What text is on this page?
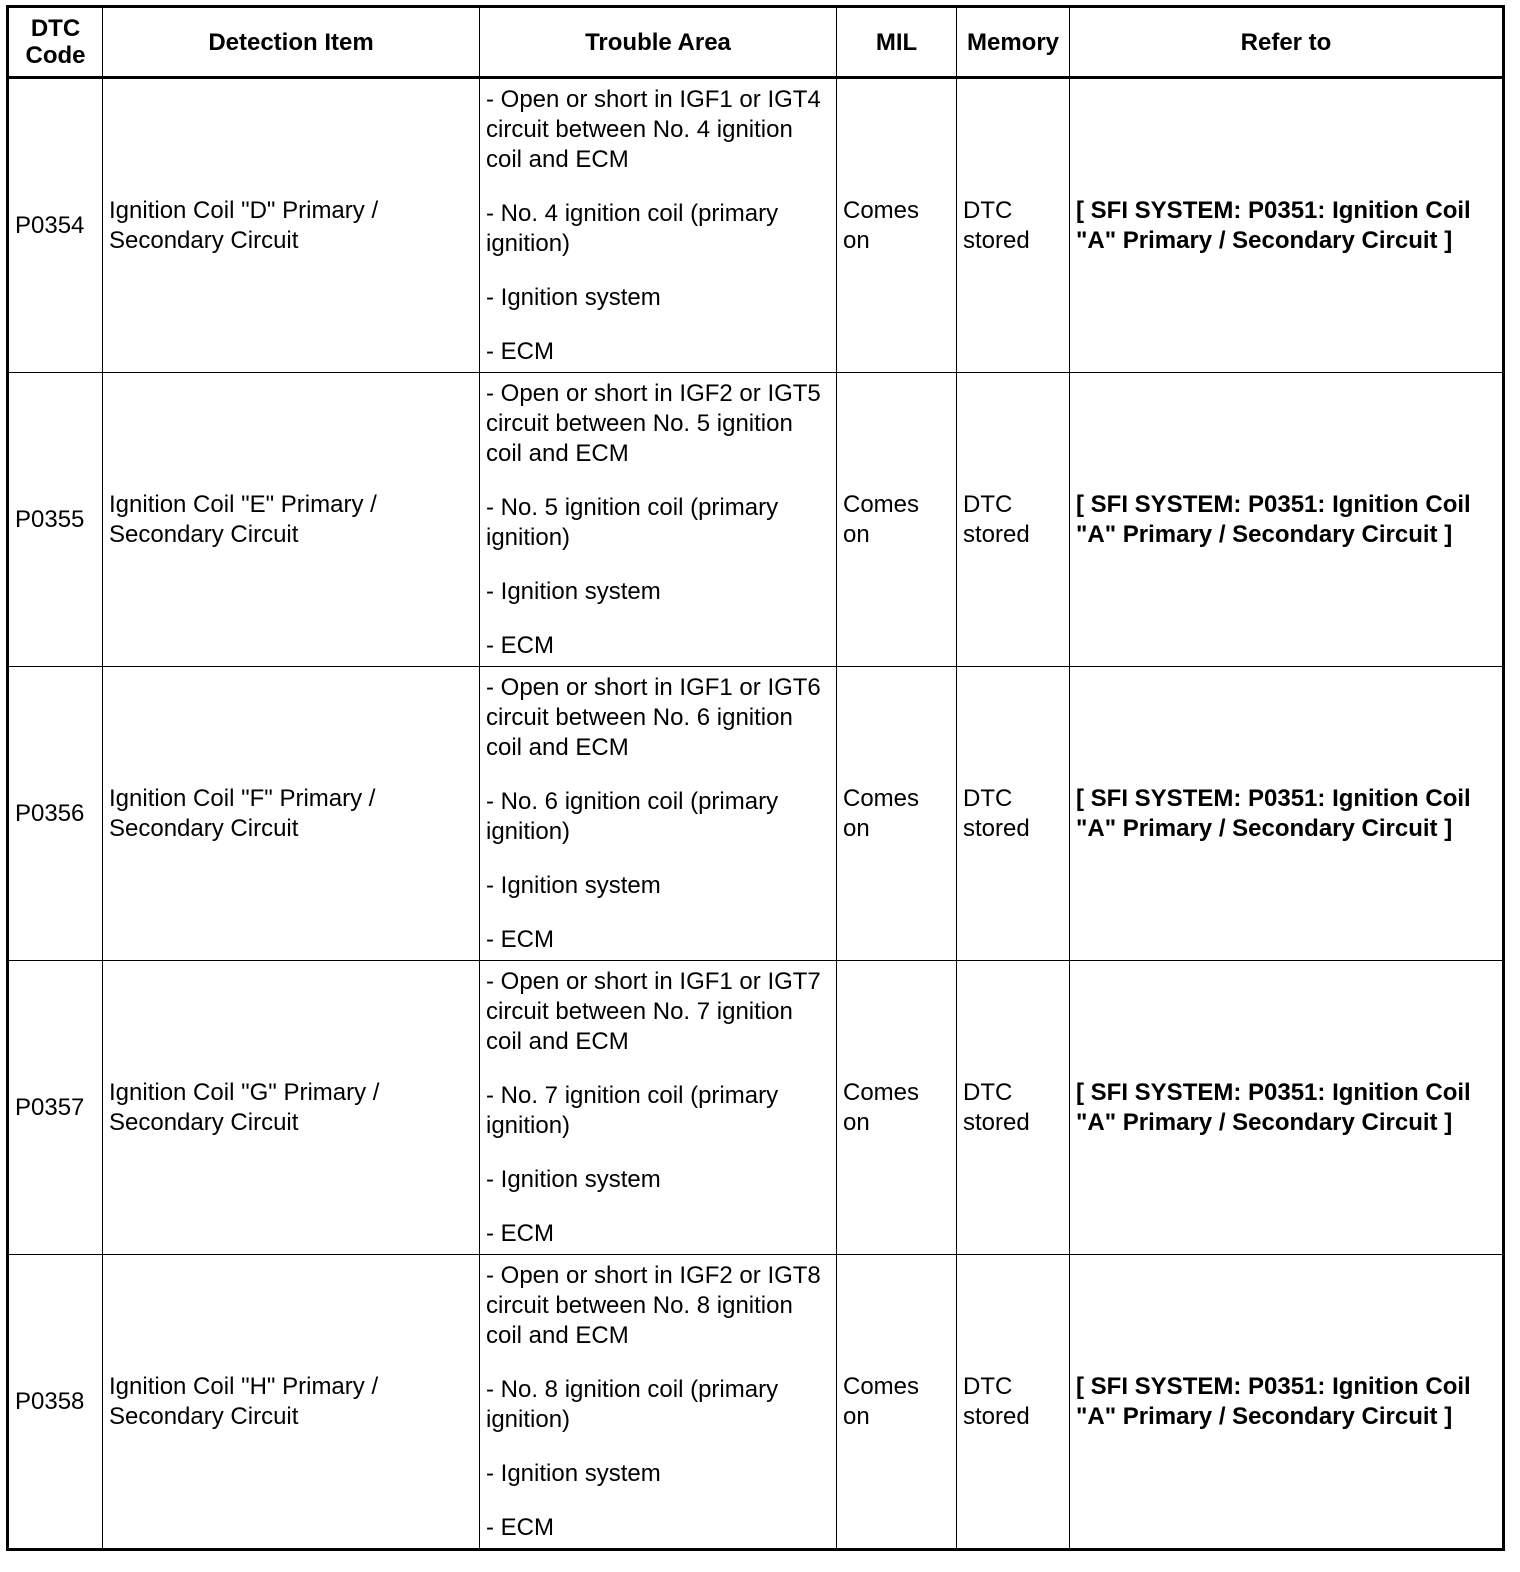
DTC Code	Detection Item	Trouble Area	MIL	Memory	Refer to
P0354	Ignition Coil "D" Primary / Secondary Circuit	- Open or short in IGF1 or IGT4 circuit between No. 4 ignition coil and ECM

- No. 4 ignition coil (primary ignition)

- Ignition system

- ECM	Comes on	DTC stored	[ SFI SYSTEM: P0351: Ignition Coil "A" Primary / Secondary Circuit ]
P0355	Ignition Coil "E" Primary / Secondary Circuit	- Open or short in IGF2 or IGT5 circuit between No. 5 ignition coil and ECM

- No. 5 ignition coil (primary ignition)

- Ignition system

- ECM	Comes on	DTC stored	[ SFI SYSTEM: P0351: Ignition Coil "A" Primary / Secondary Circuit ]
P0356	Ignition Coil "F" Primary / Secondary Circuit	- Open or short in IGF1 or IGT6 circuit between No. 6 ignition coil and ECM

- No. 6 ignition coil (primary ignition)

- Ignition system

- ECM	Comes on	DTC stored	[ SFI SYSTEM: P0351: Ignition Coil "A" Primary / Secondary Circuit ]
P0357	Ignition Coil "G" Primary / Secondary Circuit	- Open or short in IGF1 or IGT7 circuit between No. 7 ignition coil and ECM

- No. 7 ignition coil (primary ignition)

- Ignition system

- ECM	Comes on	DTC stored	[ SFI SYSTEM: P0351: Ignition Coil "A" Primary / Secondary Circuit ]
P0358	Ignition Coil "H" Primary / Secondary Circuit	- Open or short in IGF2 or IGT8 circuit between No. 8 ignition coil and ECM

- No. 8 ignition coil (primary ignition)

- Ignition system

- ECM	Comes on	DTC stored	[ SFI SYSTEM: P0351: Ignition Coil "A" Primary / Secondary Circuit ]
